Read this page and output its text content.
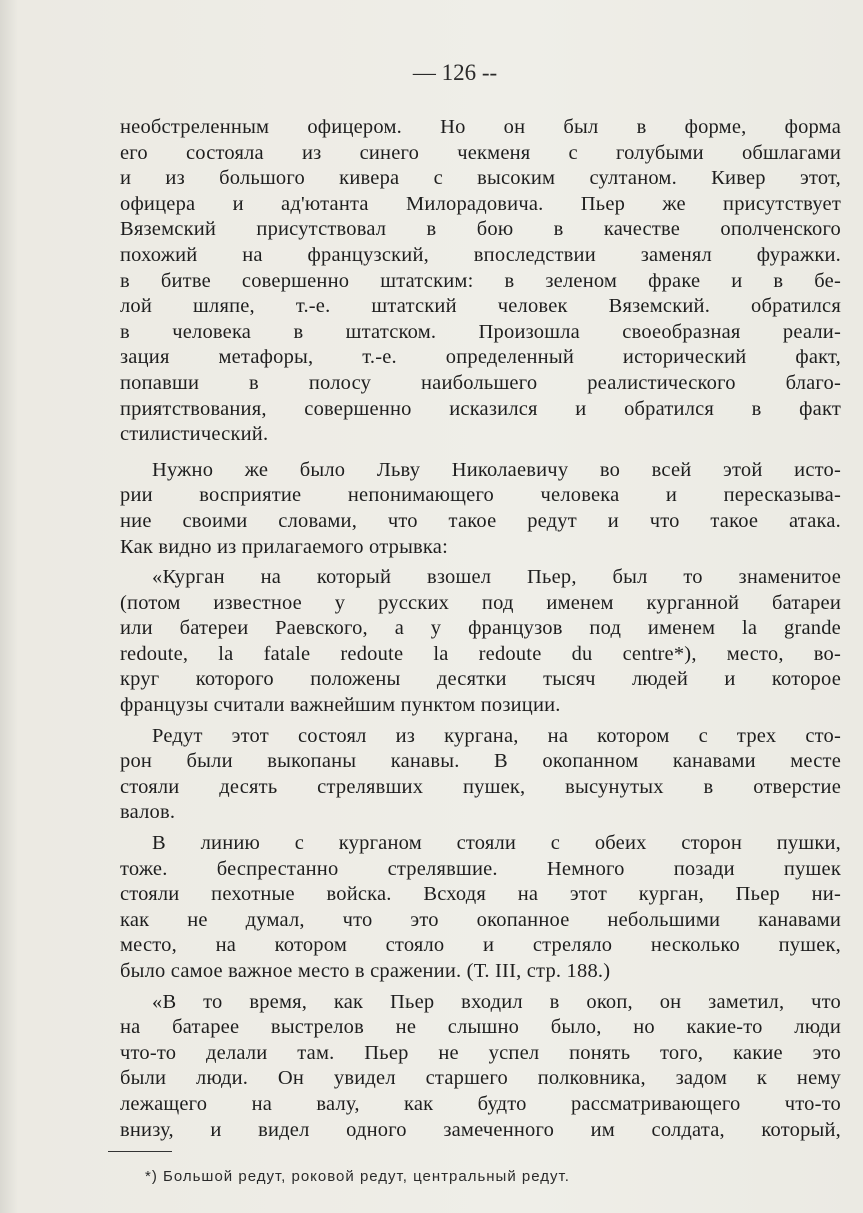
— 126 --
необстреленным офицером. Но он был в форме, форма
его состояла из синего чекменя с голубыми обшлагами
и из большого кивера с высоким султаном. Кивер этот,
офицера и ад'ютанта Милорадовича. Пьер же присутствует
Вяземский присутствовал в бою в качестве ополченского
похожий на французский, впоследствии заменял фуражки.
в битве совершенно штатским: в зеленом фраке и в бе-
лой шляпе, т.-е. штатский человек Вяземский. обратился
в человека в штатском. Произошла своеобразная реали-
зация метафоры, т.-е. определенный исторический факт,
попавши в полосу наибольшего реалистического благо-
приятствования, совершенно исказился и обратился в факт
стилистический.
Нужно же было Льву Николаевичу во всей этой исто-
рии восприятие непонимающего человека и пересказыва-
ние своими словами, что такое редут и что такое атака.
Как видно из прилагаемого отрывка:
«Курган на который взошел Пьер, был то знаменитое
(потом известное у русских под именем курганной батареи
или батереи Раевского, а у французов под именем la grande
redoute, la fatale redoute la redoute du centre*), место, во-
круг которого положены десятки тысяч людей и которое
французы считали важнейшим пунктом позиции.
Редут этот состоял из кургана, на котором с трех сто-
рон были выкопаны канавы. В окопанном канавами месте
стояли десять стрелявших пушек, высунутых в отверстие
валов.
В линию с курганом стояли с обеих сторон пушки,
тоже. беспрестанно стрелявшие. Немного позади пушек
стояли пехотные войска. Всходя на этот курган, Пьер ни-
как не думал, что это окопанное небольшими канавами
место, на котором стояло и стреляло несколько пушек,
было самое важное место в сражении. (Т. III, стр. 188.)
«В то время, как Пьер входил в окоп, он заметил, что
на батарее выстрелов не слышно было, но какие-то люди
что-то делали там. Пьер не успел понять того, какие это
были люди. Он увидел старшего полковника, задом к нему
лежащего на валу, как будто рассматривающего что-то
внизу, и видел одного замеченного им солдата, который,
*) Большой редут, роковой редут, центральный редут.
